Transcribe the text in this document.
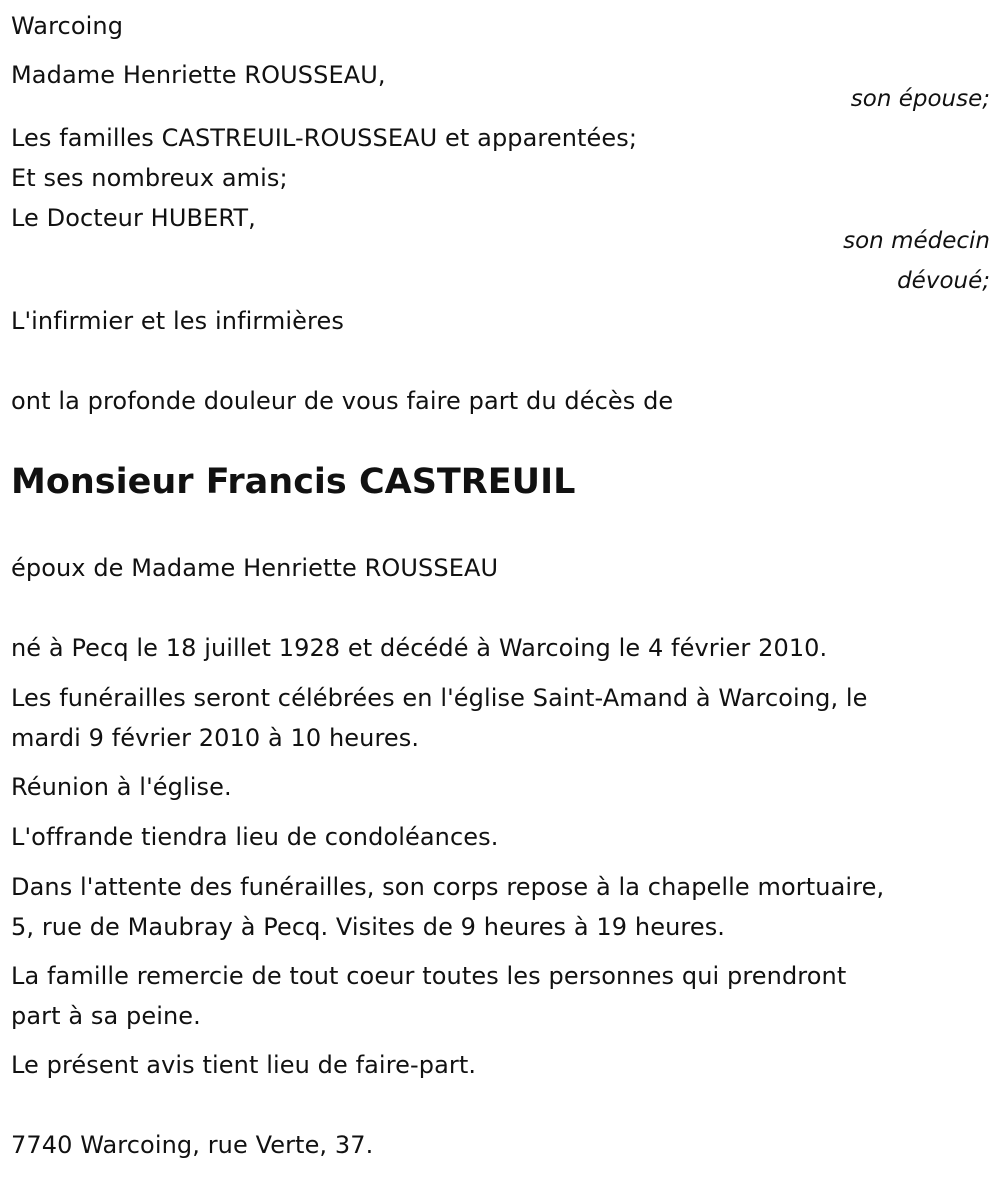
Warcoing
Madame Henriette ROUSSEAU,
son épouse;
Les familles CASTREUIL-ROUSSEAU et apparentées;
Et ses nombreux amis;
Le Docteur HUBERT,
son médecin
dévoué;
L'infirmier et les infirmières
ont la profonde douleur de vous faire part du décès de
Monsieur Francis CASTREUIL
époux de Madame Henriette ROUSSEAU
né à Pecq le 18 juillet 1928 et décédé à Warcoing le 4 février 2010.
Les funérailles seront célébrées en l'église Saint-Amand à Warcoing, le
mardi 9 février 2010 à 10 heures.
Réunion à l'église.
L'offrande tiendra lieu de condoléances.
Dans l'attente des funérailles, son corps repose à la chapelle mortuaire,
5, rue de Maubray à Pecq. Visites de 9 heures à 19 heures.
La famille remercie de tout coeur toutes les personnes qui prendront
part à sa peine.
Le présent avis tient lieu de faire-part.
7740 Warcoing, rue Verte, 37.
